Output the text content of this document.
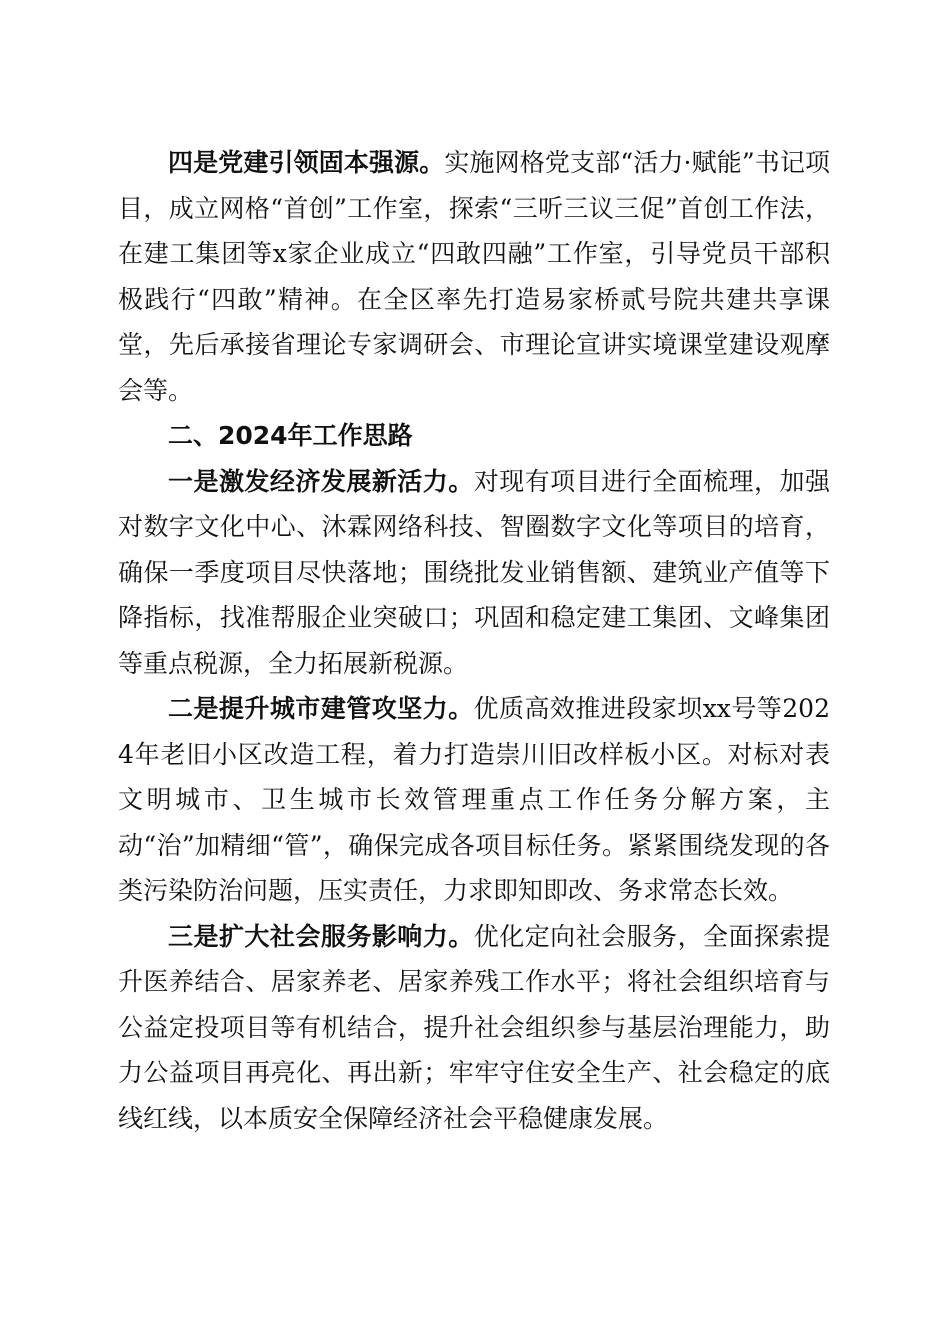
四是党建引领固本强源。实施网格党支部“活力·赋能”书记项目，成立网格“首创”工作室，探索“三听三议三促”首创工作法，在建工集团等x家企业成立“四敢四融”工作室，引导党员干部积极践行“四敢”精神。在全区率先打造易家桥贰号院共建共享课堂，先后承接省理论专家调研会、市理论宣讲实境课堂建设观摩会等。

二、2024年工作思路

一是激发经济发展新活力。对现有项目进行全面梳理，加强对数字文化中心、沐霖网络科技、智圈数字文化等项目的培育，确保一季度项目尽快落地；围绕批发业销售额、建筑业产值等下降指标，找准帮服企业突破口；巩固和稳定建工集团、文峰集团等重点税源，全力拓展新税源。

二是提升城市建管攻坚力。优质高效推进段家坝xx号等2024年老旧小区改造工程，着力打造崇川旧改样板小区。对标对表文明城市、卫生城市长效管理重点工作任务分解方案，主动“治”加精细“管”，确保完成各项目标任务。紧紧围绕发现的各类污染防治问题，压实责任，力求即知即改、务求常态长效。

三是扩大社会服务影响力。优化定向社会服务，全面探索提升医养结合、居家养老、居家养残工作水平；将社会组织培育与公益定投项目等有机结合，提升社会组织参与基层治理能力，助力公益项目再亮化、再出新；牢牢守住安全生产、社会稳定的底线红线，以本质安全保障经济社会平稳健康发展。
